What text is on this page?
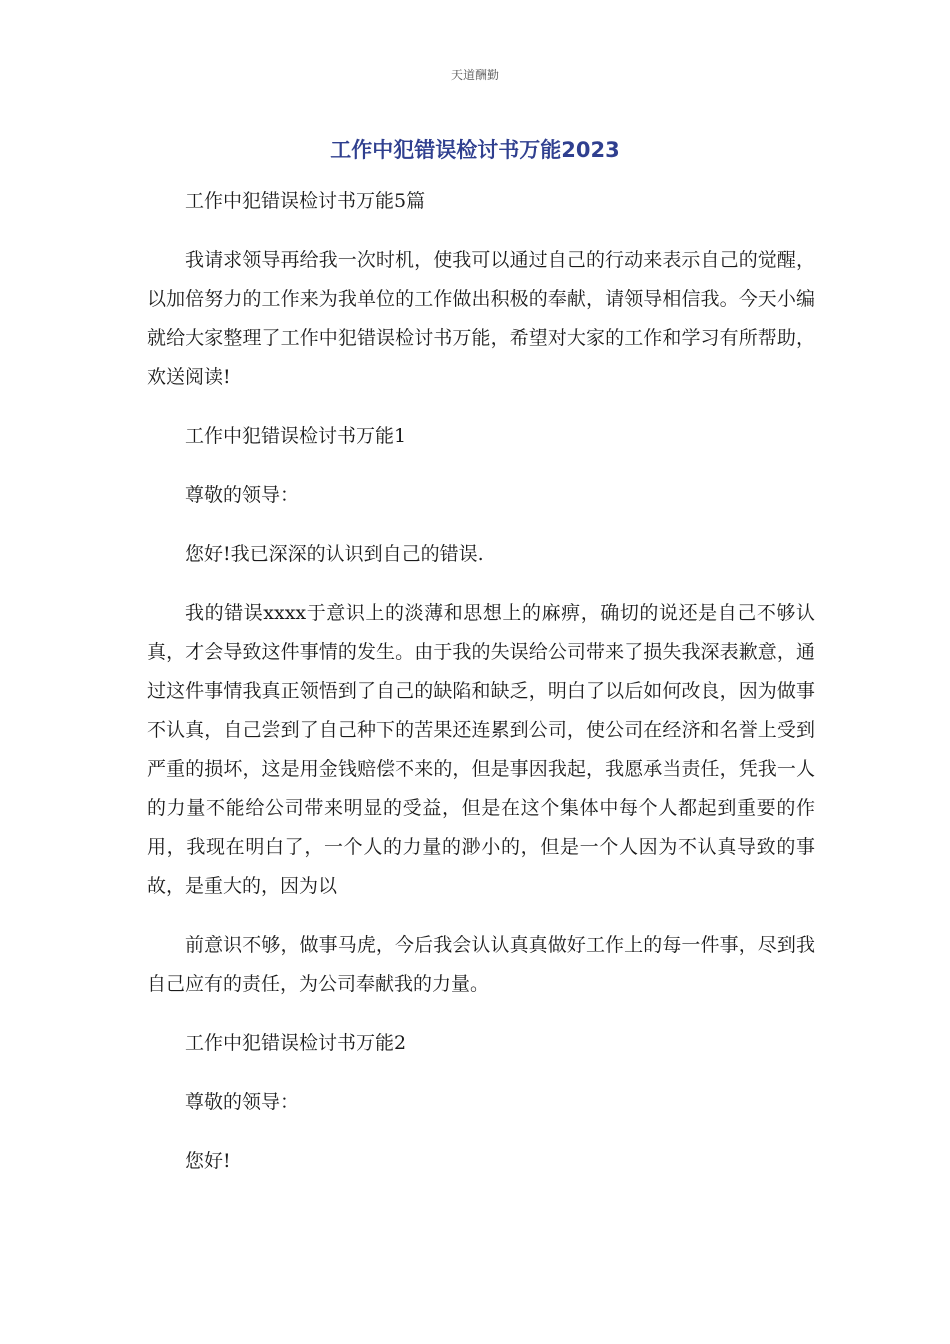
天道酬勤
工作中犯错误检讨书万能2023

工作中犯错误检讨书万能5篇

我请求领导再给我一次时机，使我可以通过自己的行动来表示自己的觉醒，以加倍努力的工作来为我单位的工作做出积极的奉献，请领导相信我。今天小编就给大家整理了工作中犯错误检讨书万能，希望对大家的工作和学习有所帮助，欢送阅读!

工作中犯错误检讨书万能1

尊敬的领导：

您好!我已深深的认识到自己的错误.

我的错误xxxx于意识上的淡薄和思想上的麻痹，确切的说还是自己不够认真，才会导致这件事情的发生。由于我的失误给公司带来了损失我深表歉意，通过这件事情我真正领悟到了自己的缺陷和缺乏，明白了以后如何改良，因为做事不认真，自己尝到了自己种下的苦果还连累到公司，使公司在经济和名誉上受到严重的损坏，这是用金钱赔偿不来的，但是事因我起，我愿承当责任，凭我一人的力量不能给公司带来明显的受益，但是在这个集体中每个人都起到重要的作用，我现在明白了，一个人的力量的渺小的，但是一个人因为不认真导致的事故，是重大的，因为以

前意识不够，做事马虎，今后我会认认真真做好工作上的每一件事，尽到我自己应有的责任，为公司奉献我的力量。

工作中犯错误检讨书万能2

尊敬的领导：

您好!
